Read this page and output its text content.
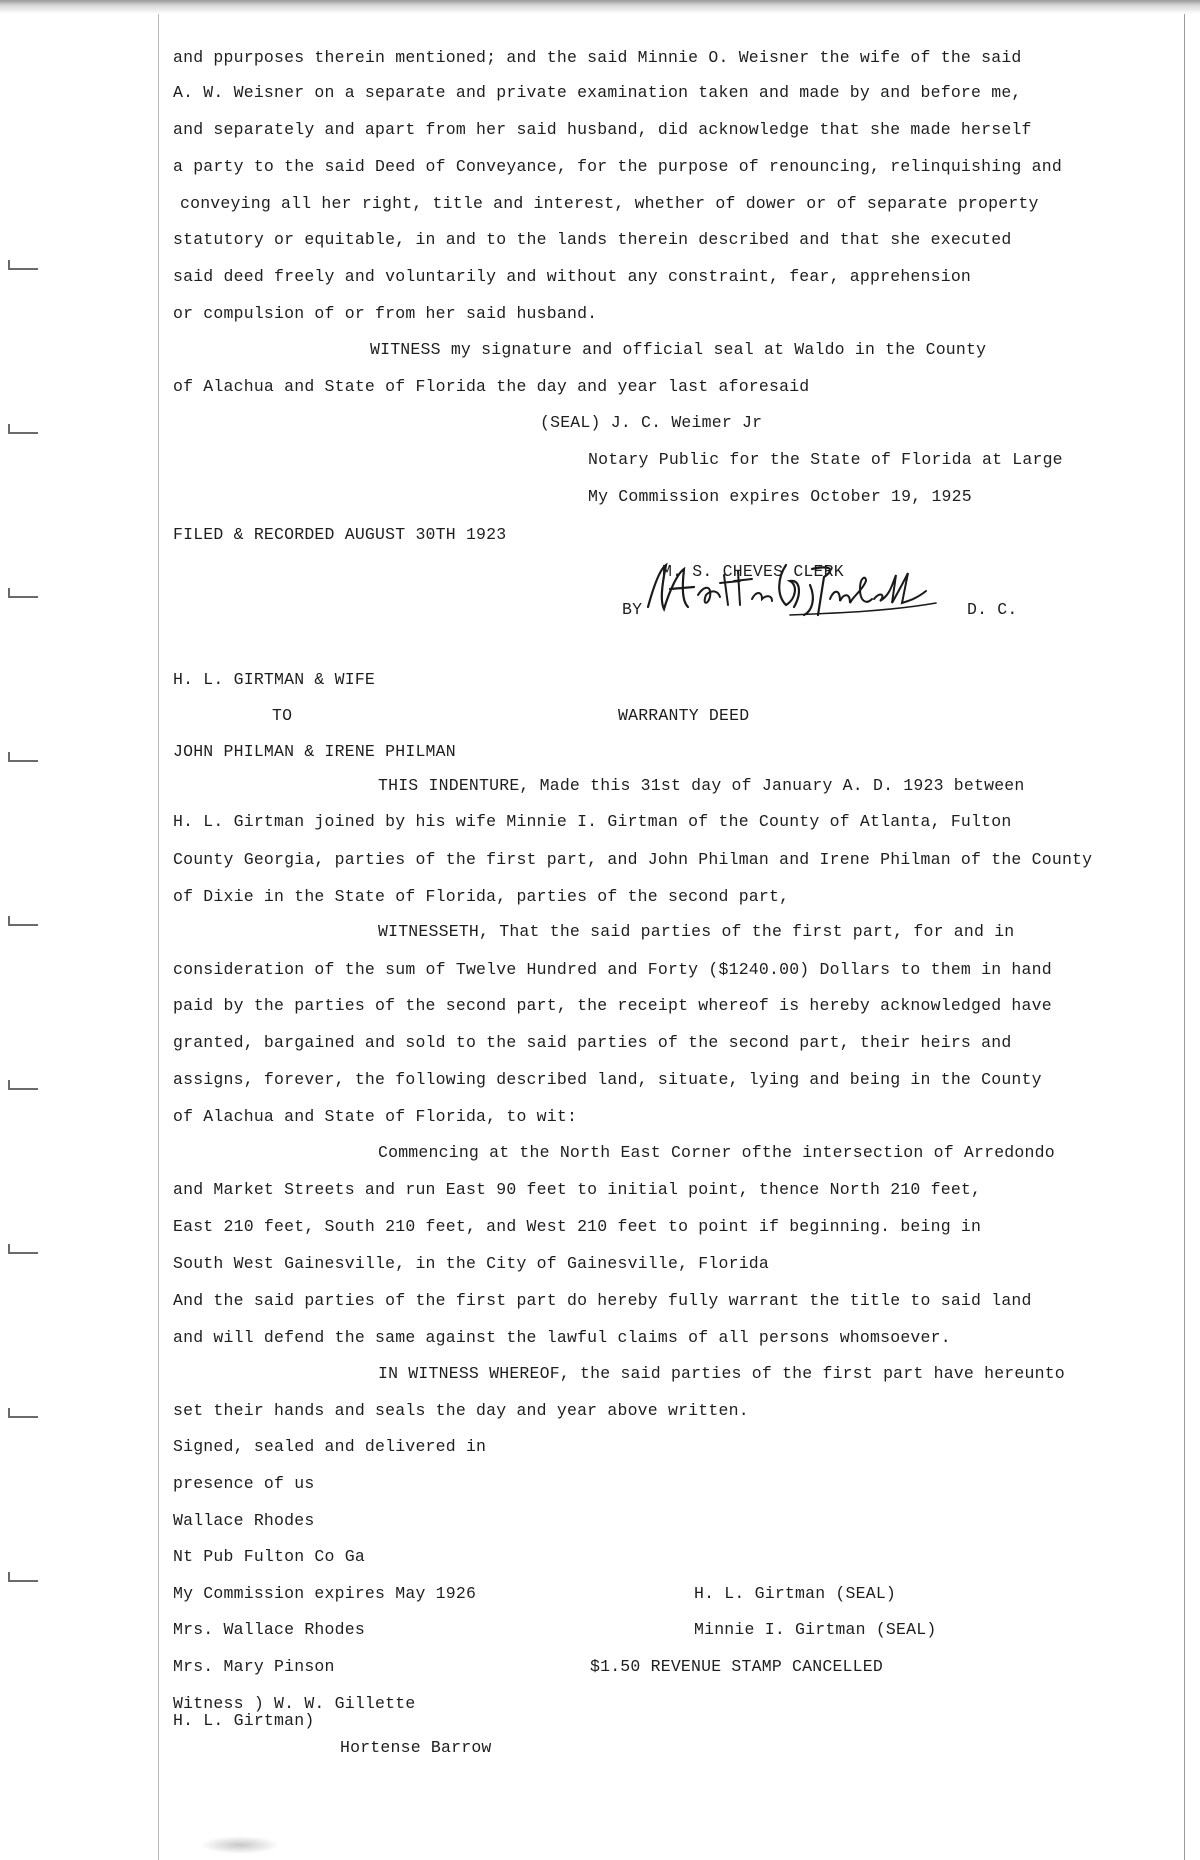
and ppurposes therein mentioned; and the said Minnie O. Weisner the wife of the said
A. W. Weisner on a separate and private examination taken and made by and before me,
and separately and apart from her said husband, did acknowledge that she made herself
a party to the said Deed of Conveyance, for the purpose of renouncing, relinquishing and
conveying all her right, title and interest, whether of dower or of separate property
statutory or equitable, in and to the lands therein described and that she executed
said deed freely and voluntarily and without any constraint, fear, apprehension
or compulsion of or from her said husband.
WITNESS my signature and official seal at Waldo in the County
of Alachua and State of Florida the day and year last aforesaid
(SEAL) J. C. Weimer Jr
Notary Public for the State of Florida at Large
My Commission expires October 19, 1925
FILED & RECORDED AUGUST 30TH 1923
M. S. CHEVES CLERK
BY	D. C.
H. L. GIRTMAN & WIFE
TO	WARRANTY DEED
JOHN PHILMAN & IRENE PHILMAN
THIS INDENTURE, Made this 31st day of January A. D. 1923 between
H. L. Girtman joined by his wife Minnie I. Girtman of the County of Atlanta, Fulton
County Georgia, parties of the first part, and John Philman and Irene Philman of the County
of Dixie in the State of Florida, parties of the second part,
WITNESSETH, That the said parties of the first part, for and in
consideration of the sum of Twelve Hundred and Forty ($1240.00) Dollars to them in hand
paid by the parties of the second part, the receipt whereof is hereby acknowledged have
granted, bargained and sold to the said parties of the second part, their heirs and
assigns, forever, the following described land, situate, lying and being in the County
of Alachua and State of Florida, to wit:
Commencing at the North East Corner ofthe intersection of Arredondo
and Market Streets and run East 90 feet to initial point, thence North 210 feet,
East 210 feet, South 210 feet, and West 210 feet to point if beginning. being in
South West Gainesville, in the City of Gainesville, Florida
And the said parties of the first part do hereby fully warrant the title to said land
and will defend the same against the lawful claims of all persons whomsoever.
IN WITNESS WHEREOF, the said parties of the first part have hereunto
set their hands and seals the day and year above written.
Signed, sealed and delivered in
presence of us
Wallace Rhodes
Nt Pub Fulton Co Ga
My Commission expires May 1926	H. L. Girtman (SEAL)
Mrs. Wallace Rhodes	Minnie I. Girtman (SEAL)
Mrs. Mary Pinson	$1.50 REVENUE STAMP CANCELLED
Witness ) W. W. Gillette
H. L. Girtman)
Hortense Barrow
